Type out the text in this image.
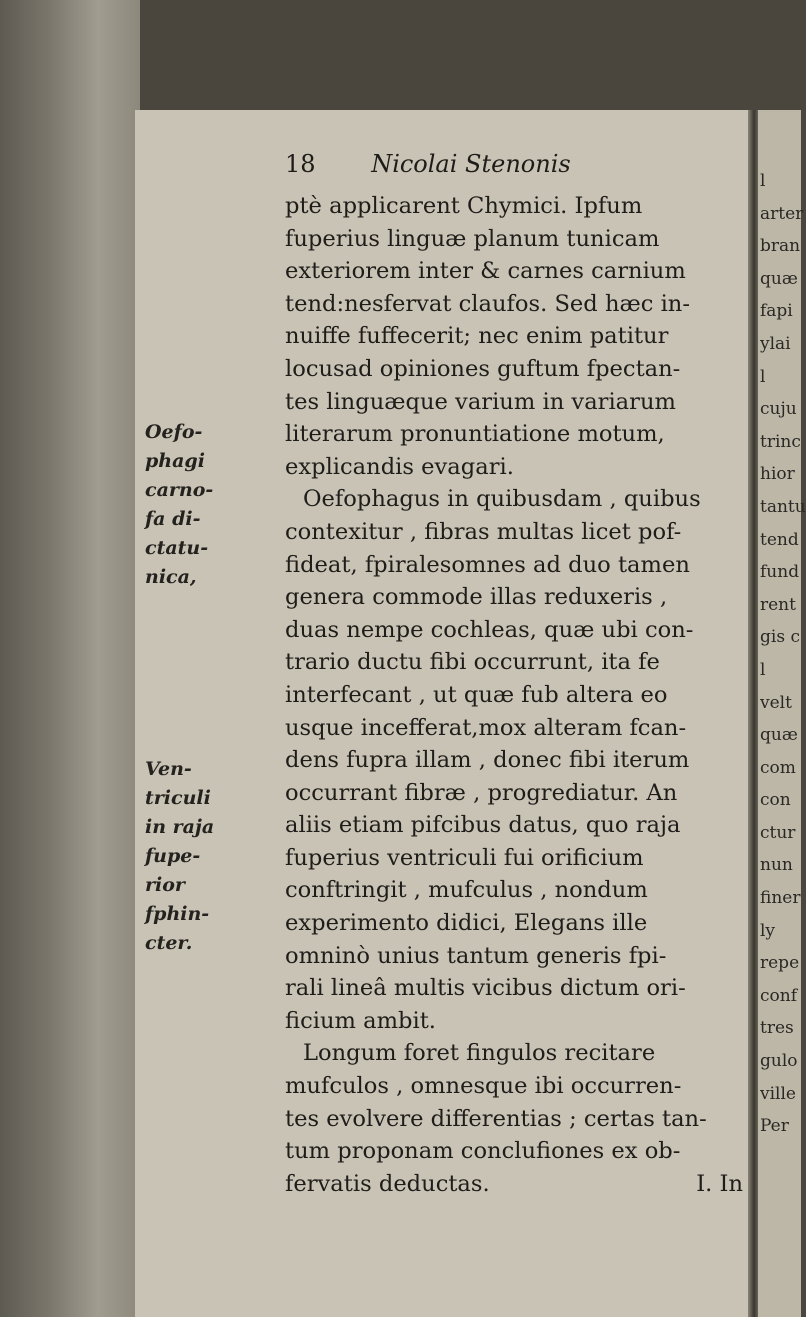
18 Nicolai Stenonis
Oefo-
phagi
carno-
fa di-
ctatu-
nica,
Ven-
triculi
in raja
fupe-
rior
fphin-
cter.
ptè applicarent Chymici. Ipfum
fuperius linguæ planum tunicam
exteriorem inter & carnes carnium
tend:nesfervat claufos. Sed hæc in-
nuiffe fuffecerit; nec enim patitur
locusad opiniones guftum fpectan-
tes linguæque varium in variarum
literarum pronuntiatione motum,
explicandis evagari.
Oefophagus in quibusdam , quibus
contexitur , fibras multas licet pof-
fideat, fpiralesomnes ad duo tamen
genera commode illas reduxeris ,
duas nempe cochleas, quæ ubi con-
trario ductu fibi occurrunt, ita fe
interfecant , ut quæ fub altera eo
usque incefferat,mox alteram fcan-
dens fupra illam , donec fibi iterum
occurrant fibræ , progrediatur. An
aliis etiam pifcibus datus, quo raja
fuperius ventriculi fui orificium
conftringit , mufculus , nondum
experimento didici, Elegans ille
omninò unius tantum generis fpi-
rali lineâ multis vicibus dictum ori-
ficium ambit.
Longum foret fingulos recitare
mufculos , omnesque ibi occurren-
tes evolvere differentias ; certas tan-
tum proponam conclufiones ex ob-
fervatis deductas.	I. In
l
arter
bran
quæ
fapi
ylai
l
cuju
trinc
hior
tantu
tend
fund
rent
gis c
l
velt
quæ
com
con
ctur
nun
finer
ly
repe
conf
tres
gulo
ville
Per
